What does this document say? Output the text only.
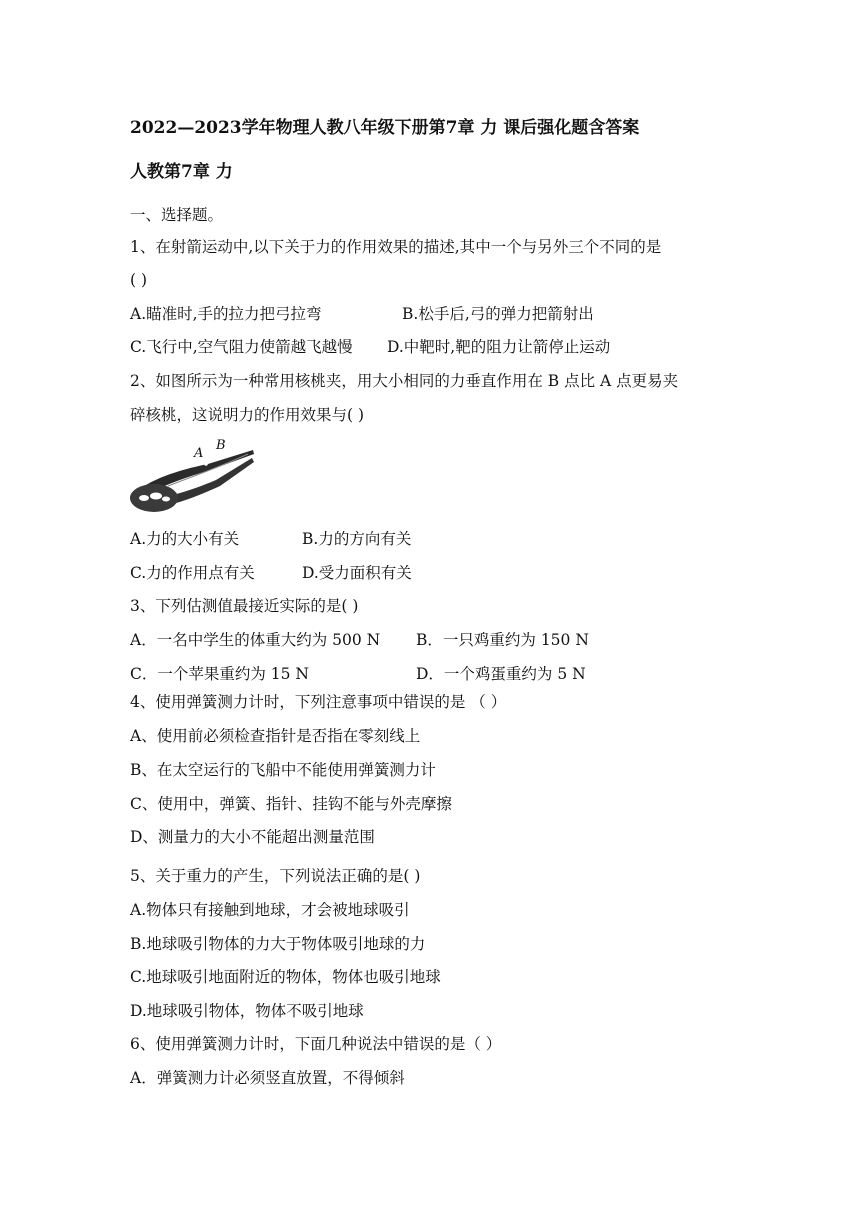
2022—2023学年物理人教八年级下册第7章 力 课后强化题含答案
人教第7章 力
一、选择题。
1、在射箭运动中,以下关于力的作用效果的描述,其中一个与另外三个不同的是
( )
A.瞄准时,手的拉力把弓拉弯	B.松手后,弓的弹力把箭射出
C.飞行中,空气阻力使箭越飞越慢 D.中靶时,靶的阻力让箭停止运动
2、如图所示为一种常用核桃夹，用大小相同的力垂直作用在 B 点比 A 点更易夹
碎核桃，这说明力的作用效果与( )
A
B
A.力的大小有关	B.力的方向有关
C.力的作用点有关	D.受力面积有关
3、下列估测值最接近实际的是( )
A．一名中学生的体重大约为 500 N B．一只鸡重约为 150 N
C．一个苹果重约为 15 N	D．一个鸡蛋重约为 5 N
4、使用弹簧测力计时，下列注意事项中错误的是 （ ）
A、使用前必须检查指针是否指在零刻线上
B、在太空运行的飞船中不能使用弹簧测力计
C、使用中，弹簧、指针、挂钩不能与外壳摩擦
D、测量力的大小不能超出测量范围
5、关于重力的产生，下列说法正确的是( )
A.物体只有接触到地球，才会被地球吸引
B.地球吸引物体的力大于物体吸引地球的力
C.地球吸引地面附近的物体，物体也吸引地球
D.地球吸引物体，物体不吸引地球
6、使用弹簧测力计时，下面几种说法中错误的是（ ）
A．弹簧测力计必须竖直放置，不得倾斜
